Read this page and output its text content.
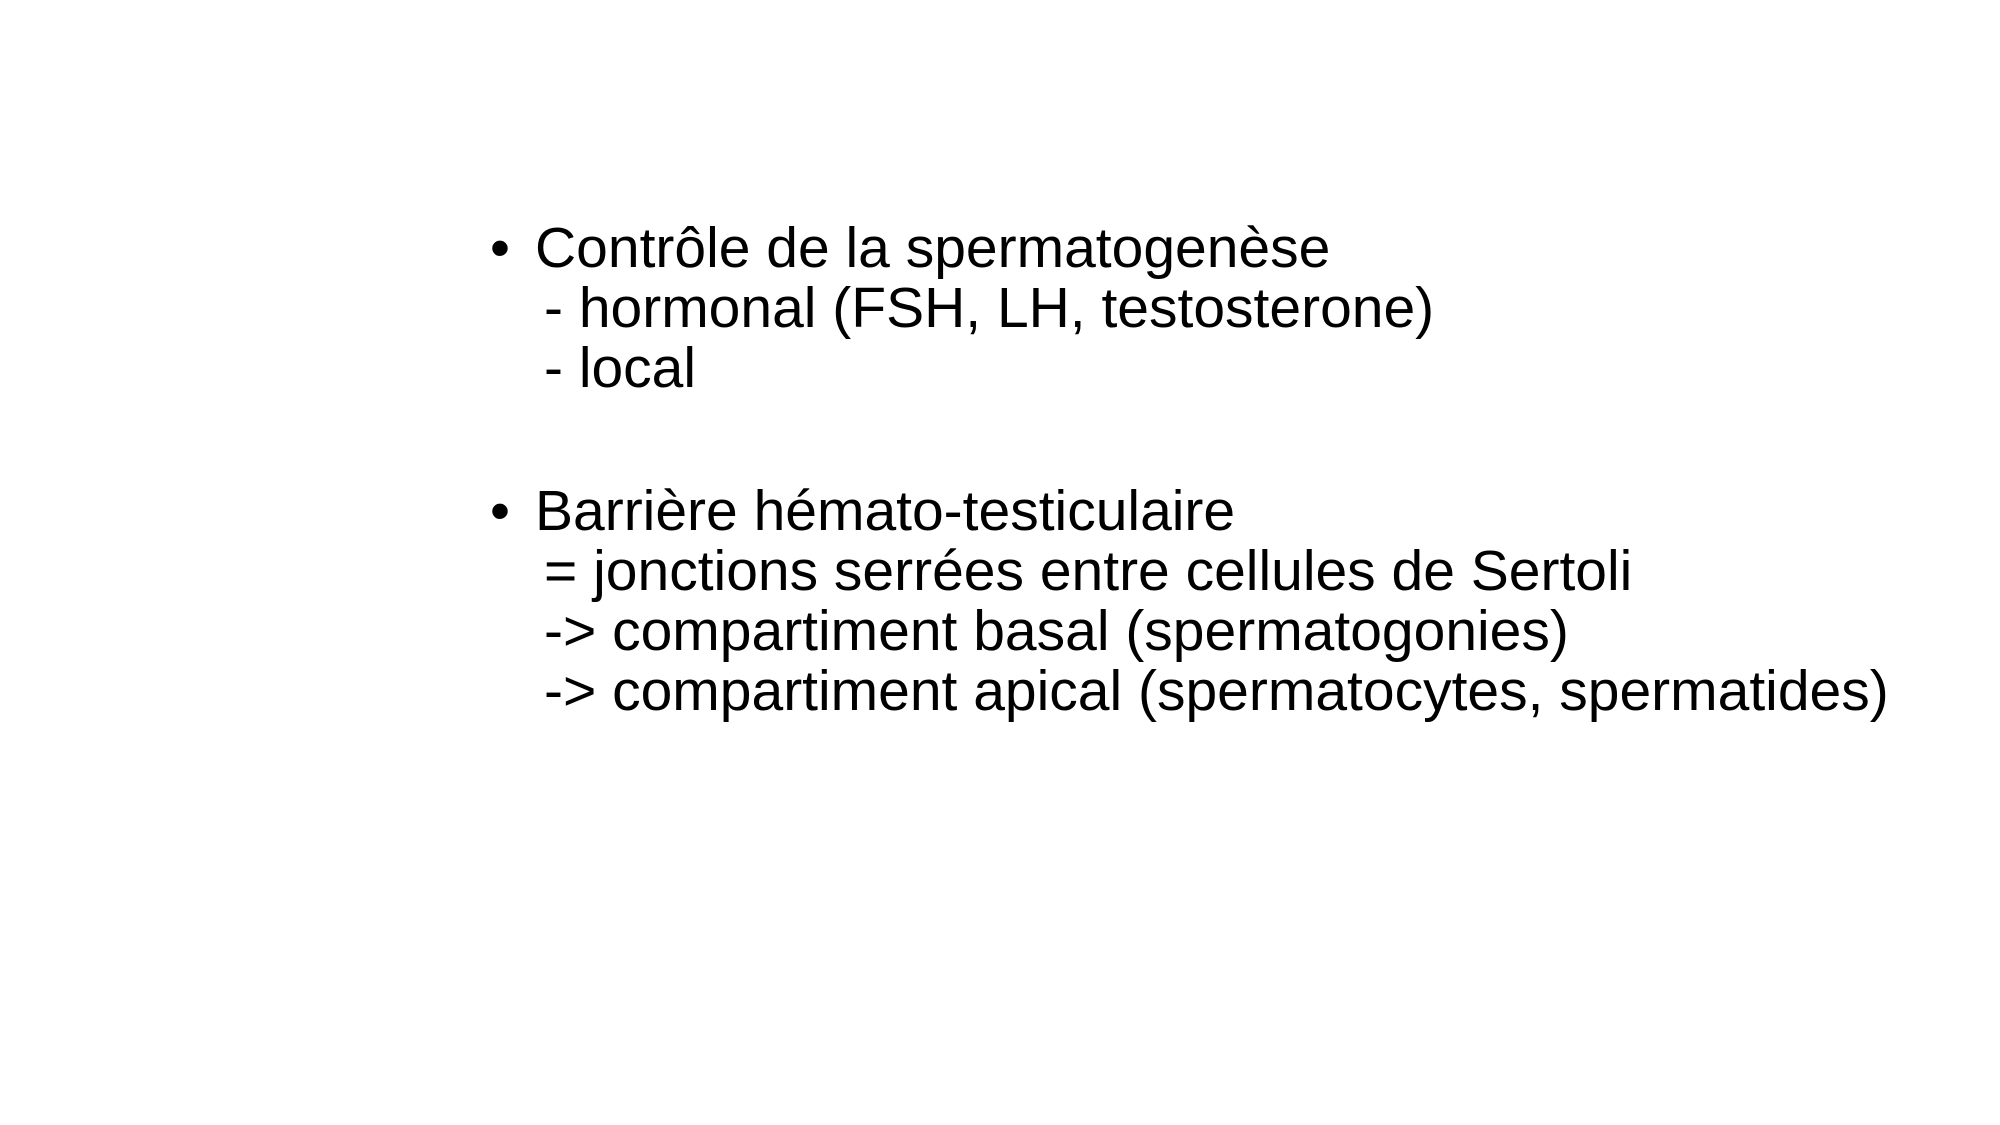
• Contrôle de la spermatogenèse
- hormonal (FSH, LH, testosterone)
- local
• Barrière hémato-testiculaire
= jonctions serrées entre cellules de Sertoli
-> compartiment basal (spermatogonies)
-> compartiment apical (spermatocytes, spermatides)
